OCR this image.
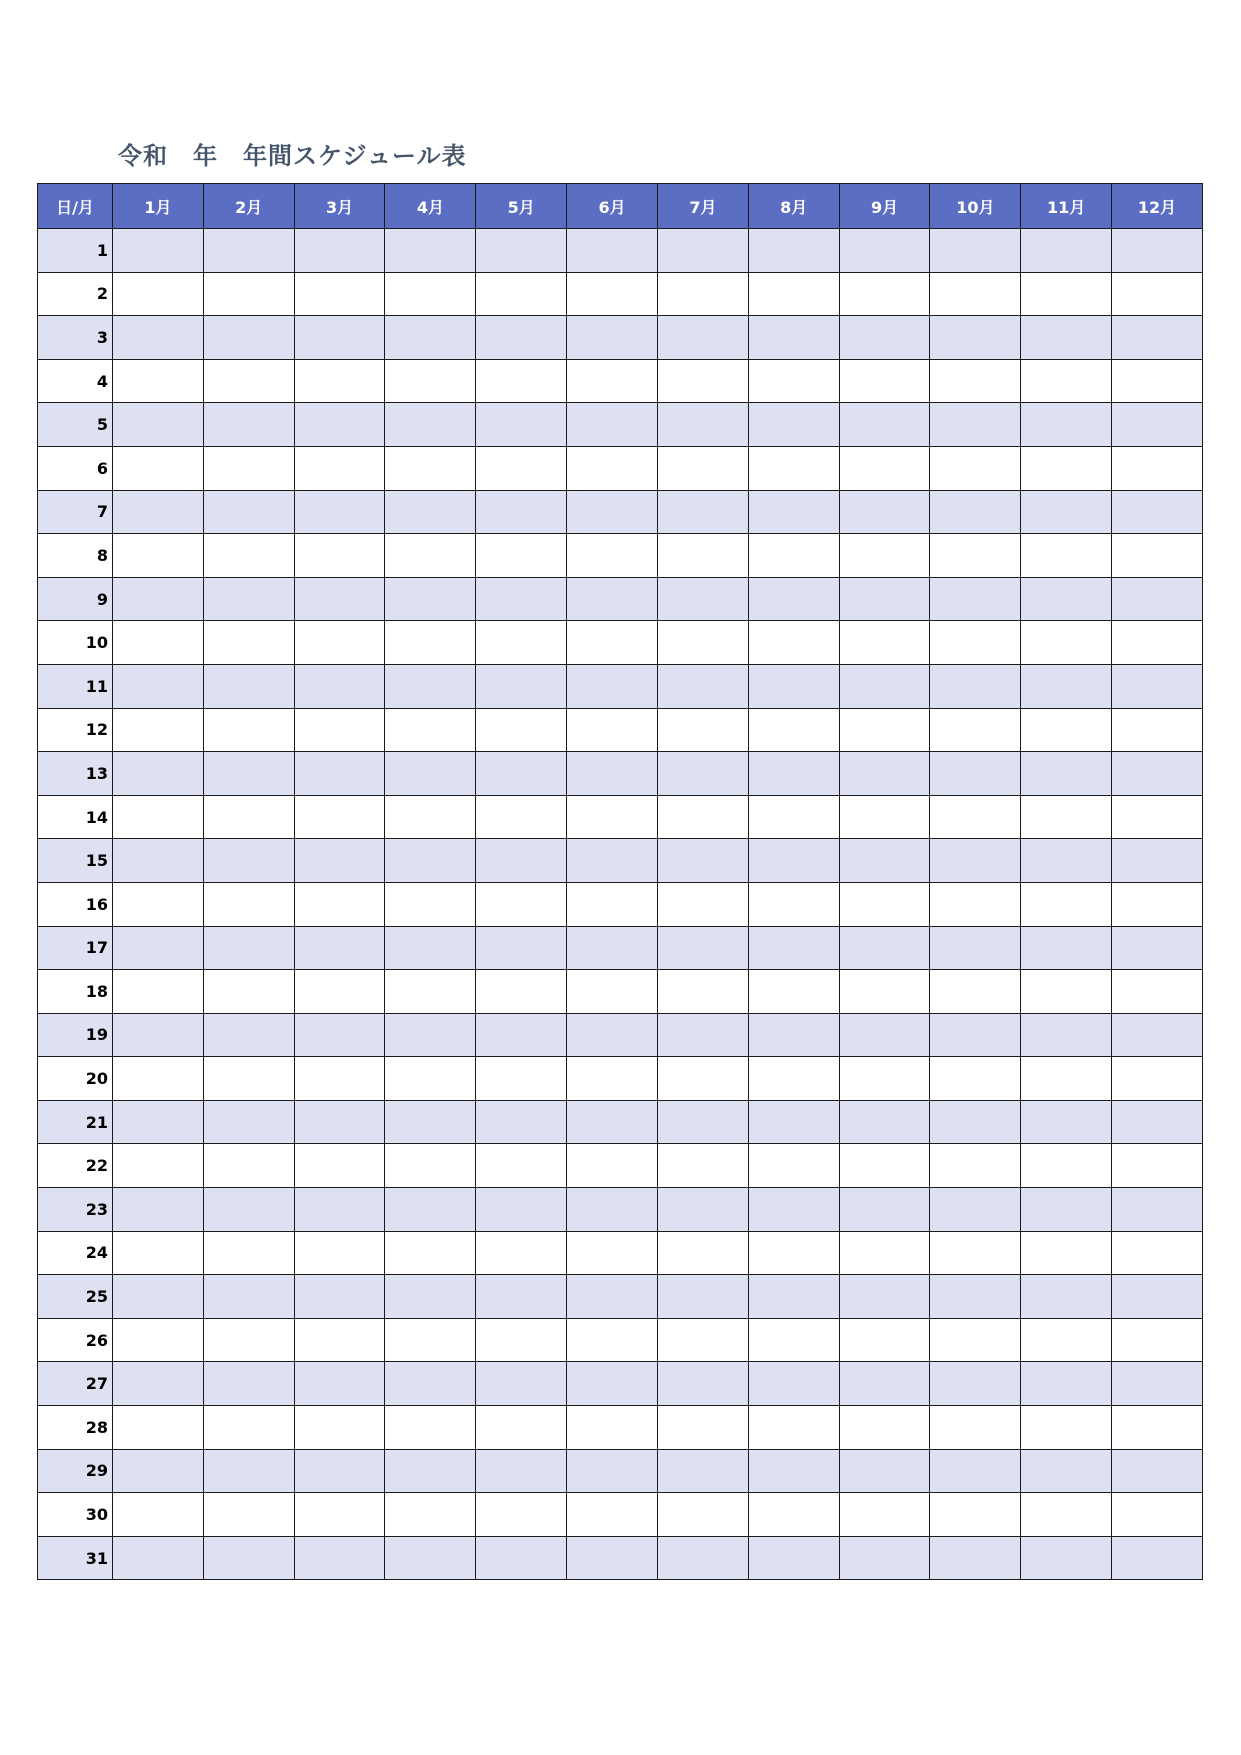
令和　年　年間スケジュール表
日/月	1月	2月	3月	4月	5月	6月	7月	8月	9月	10月	11月	12月
1												
2												
3												
4												
5												
6												
7												
8												
9												
10												
11												
12												
13												
14												
15												
16												
17												
18												
19												
20												
21												
22												
23												
24												
25												
26												
27												
28												
29												
30												
31												
